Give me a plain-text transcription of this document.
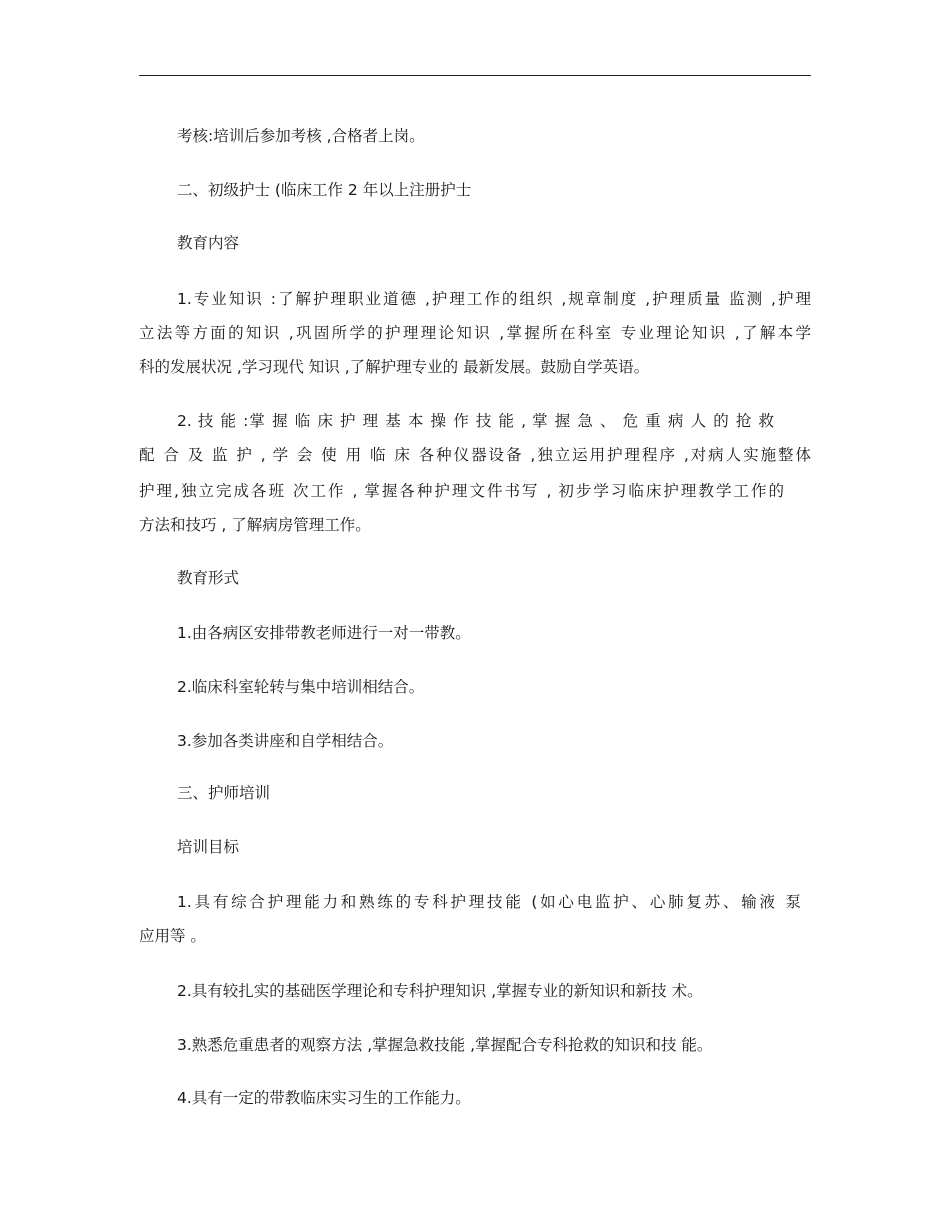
考核:培训后参加考核 ,合格者上岗。
二、初级护士 (临床工作 2 年以上注册护士
教育内容
1.专业知识 :了解护理职业道德 ,护理工作的组织 ,规章制度 ,护理质量 监测 ,护理
立法等方面的知识 ,巩固所学的护理理论知识 ,掌握所在科室 专业理论知识 ,了解本学
科的发展状况 ,学习现代 知识 ,了解护理专业的 最新发展。鼓励自学英语。
2. 技 能 :掌 握 临 床 护 理 基 本 操 作 技 能 , 掌 握 急 、 危 重 病 人 的 抢 救
配 合 及 监 护 , 学 会 使 用 临 床 各种仪器设备 ,独立运用护理程序 ,对病人实施整体
护理,独立完成各班 次工作 , 掌握各种护理文件书写 , 初步学习临床护理教学工作的
方法和技巧 , 了解病房管理工作。
教育形式
1.由各病区安排带教老师进行一对一带教。
2.临床科室轮转与集中培训相结合。
3.参加各类讲座和自学相结合。
三、护师培训
培训目标
1.具有综合护理能力和熟练的专科护理技能 (如心电监护、心肺复苏、输液 泵
应用等 。
2.具有较扎实的基础医学理论和专科护理知识 ,掌握专业的新知识和新技 术。
3.熟悉危重患者的观察方法 ,掌握急救技能 ,掌握配合专科抢救的知识和技 能。
4.具有一定的带教临床实习生的工作能力。
